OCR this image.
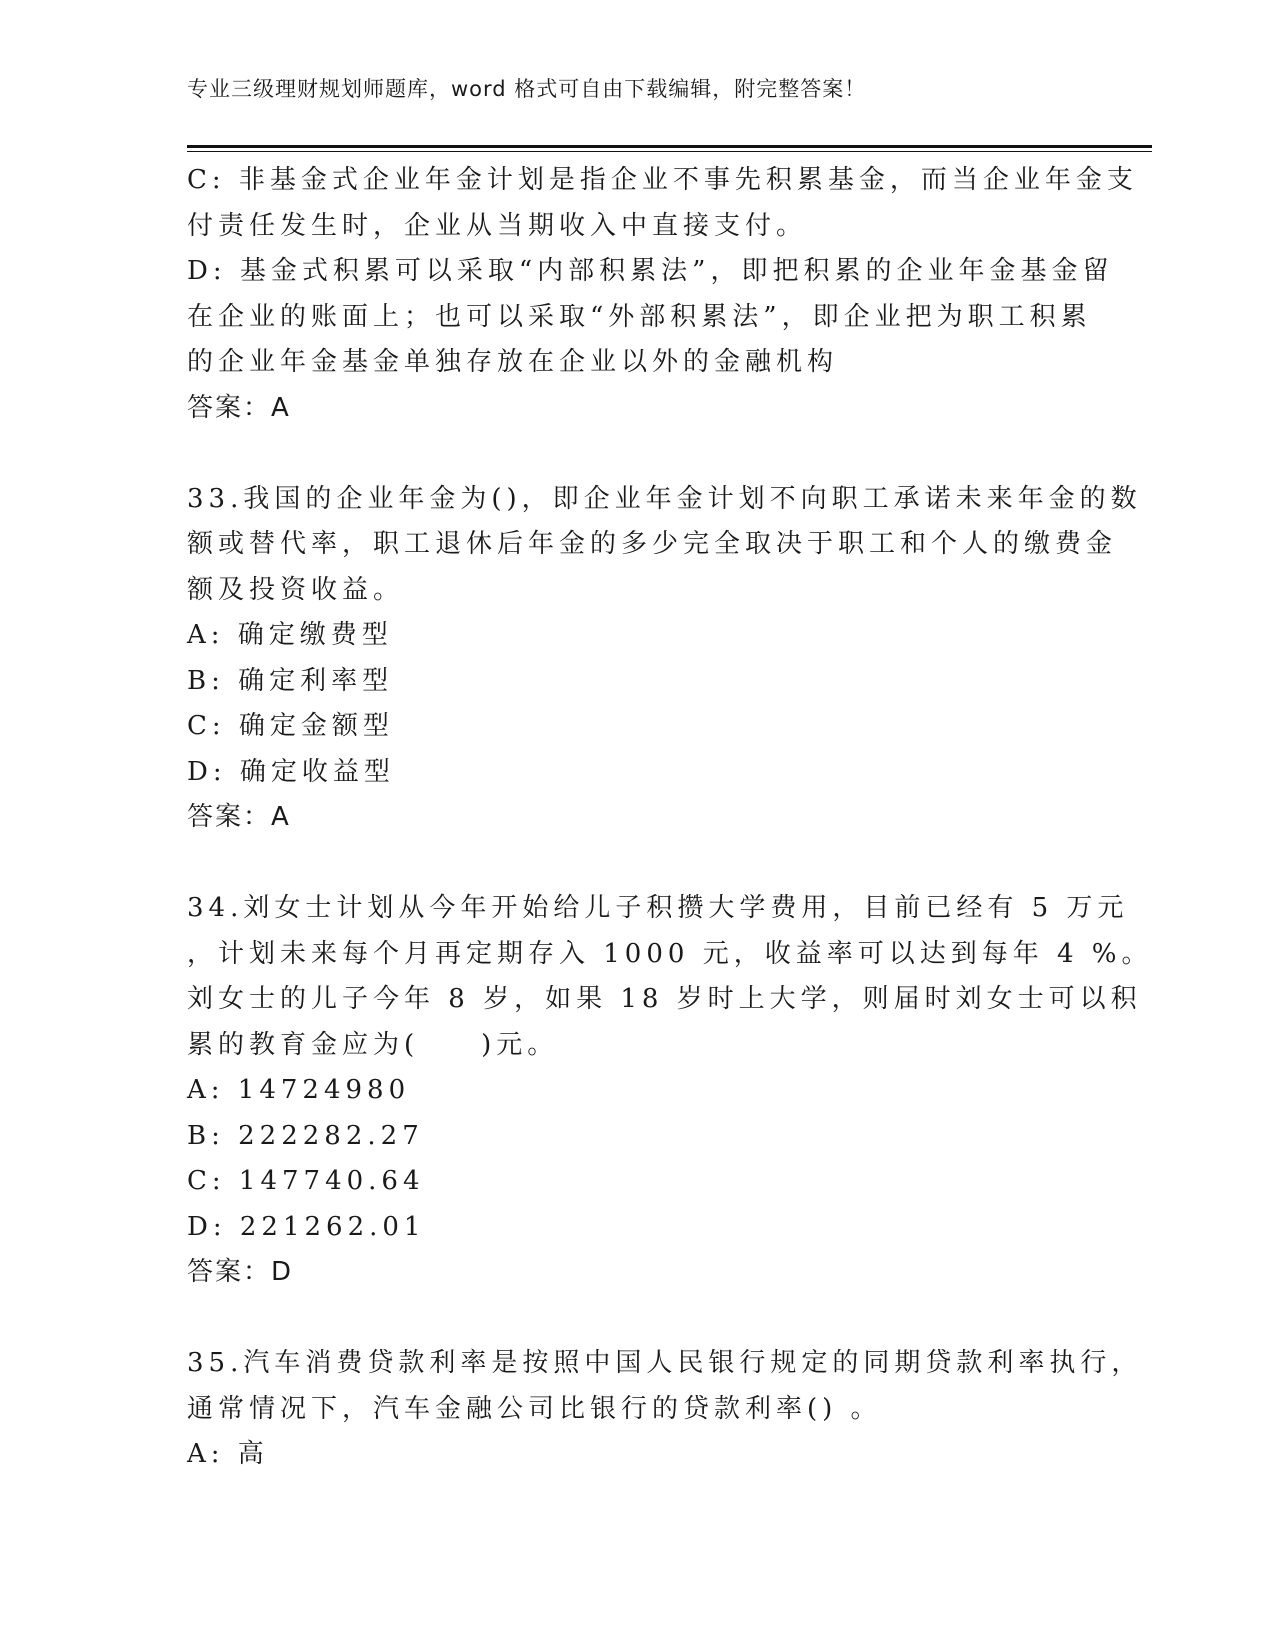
专业三级理财规划师题库，word 格式可自由下载编辑，附完整答案！
C: 非基金式企业年金计划是指企业不事先积累基金，而当企业年金支
付责任发生时，企业从当期收入中直接支付。
D: 基金式积累可以采取“内部积累法”，即把积累的企业年金基金留
在企业的账面上；也可以采取“外部积累法”，即企业把为职工积累
的企业年金基金单独存放在企业以外的金融机构
答案：A
33.我国的企业年金为()，即企业年金计划不向职工承诺未来年金的数
额或替代率，职工退休后年金的多少完全取决于职工和个人的缴费金
额及投资收益。
A: 确定缴费型
B: 确定利率型
C: 确定金额型
D: 确定收益型
答案：A
34.刘女士计划从今年开始给儿子积攒大学费用，目前已经有 5 万元
，计划未来每个月再定期存入 1000 元，收益率可以达到每年 4 %。
刘女士的儿子今年 8 岁，如果 18 岁时上大学，则届时刘女士可以积
累的教育金应为(　　)元。
A: 14724980
B: 222282.27
C: 147740.64
D: 221262.01
答案：D
35.汽车消费贷款利率是按照中国人民银行规定的同期贷款利率执行，
通常情况下，汽车金融公司比银行的贷款利率() 。
A: 高
